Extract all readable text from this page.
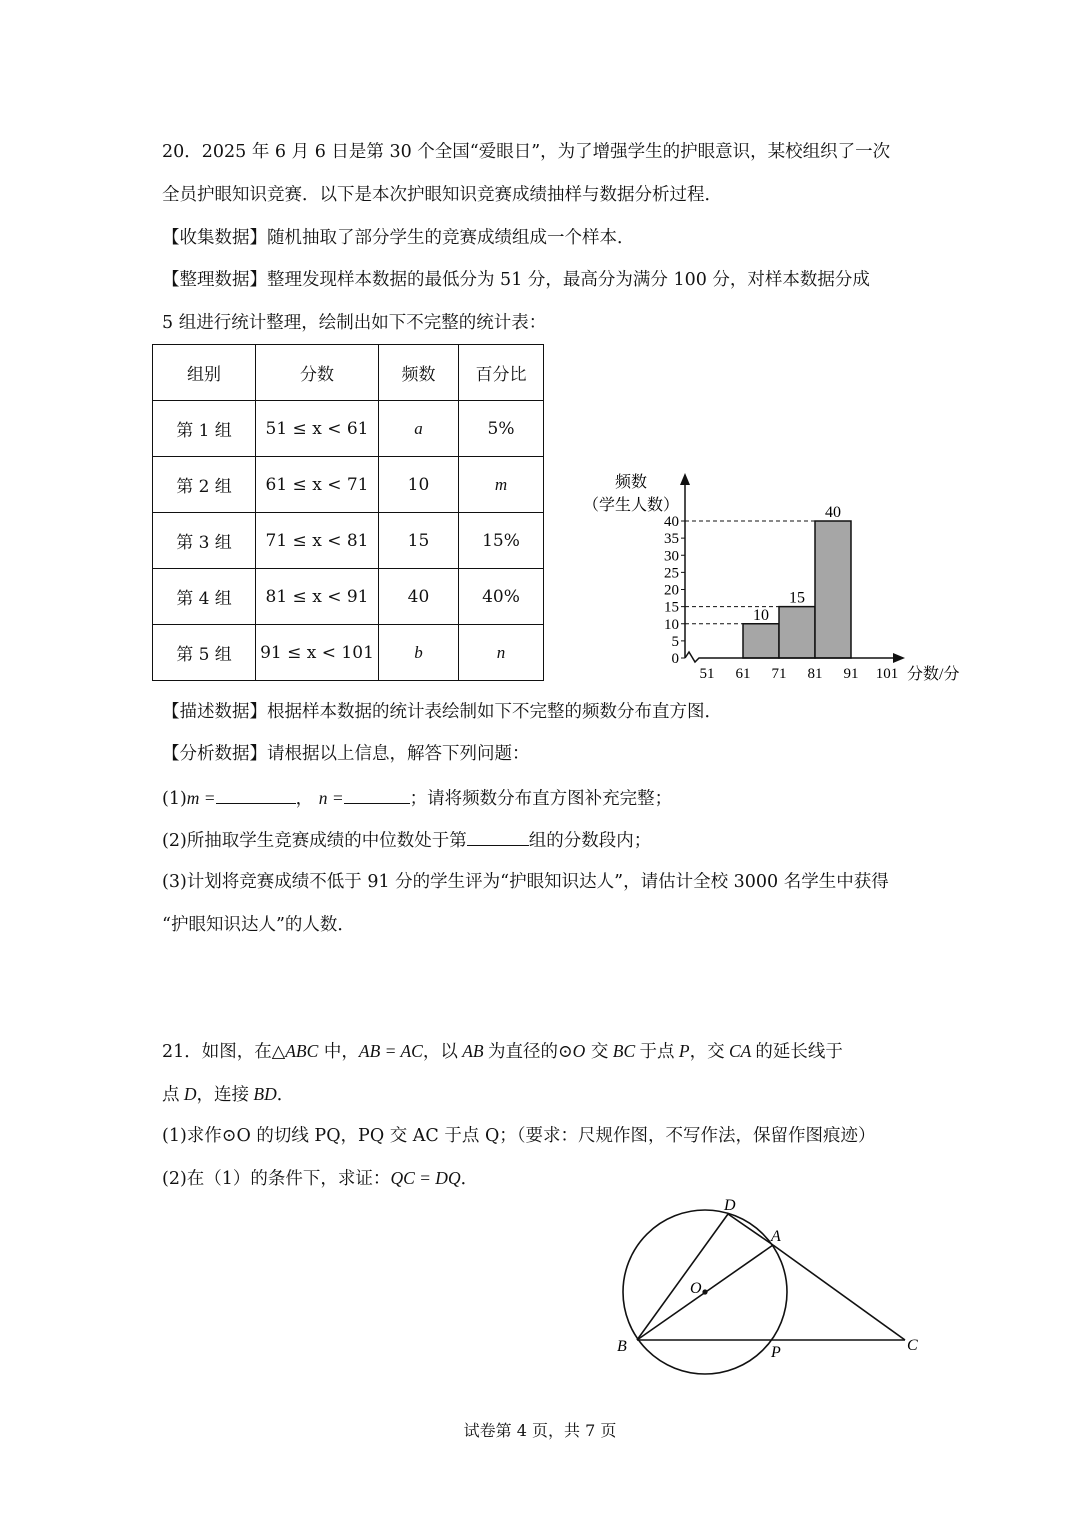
20．2025 年 6 月 6 日是第 30 个全国“爱眼日”，为了增强学生的护眼意识，某校组织了一次
全员护眼知识竞赛．以下是本次护眼知识竞赛成绩抽样与数据分析过程．
【收集数据】随机抽取了部分学生的竞赛成绩组成一个样本．
【整理数据】整理发现样本数据的最低分为 51 分，最高分为满分 100 分，对样本数据分成
5 组进行统计整理，绘制出如下不完整的统计表：
组别	分数	频数	百分比
第 1 组	51 ≤ x < 61	a	5%
第 2 组	61 ≤ x < 71	10	m
第 3 组	71 ≤ x < 81	15	15%
第 4 组	81 ≤ x < 91	40	40%
第 5 组	91 ≤ x < 101	b	n
频数
（学生人数）
分数/分
10
15
40
0
5
10
15
20
25
30
35
40
51 61 71 81 91 101
【描述数据】根据样本数据的统计表绘制如下不完整的频数分布直方图．
【分析数据】请根据以上信息，解答下列问题：
(1)m =	， n =	；请将频数分布直方图补充完整；
(2)所抽取学生竞赛成绩的中位数处于第	组的分数段内；
(3)计划将竞赛成绩不低于 91 分的学生评为“护眼知识达人”，请估计全校 3000 名学生中获得
“护眼知识达人”的人数．
21．如图，在△ABC 中，AB = AC，以 AB 为直径的⊙O 交 BC 于点 P，交 CA 的延长线于
点 D，连接 BD．
(1)求作⊙O 的切线 PQ，PQ 交 AC 于点 Q；（要求：尺规作图，不写作法，保留作图痕迹）
(2)在（1）的条件下，求证：QC = DQ．
D
A
O
B	P	C
试卷第 4 页，共 7 页
